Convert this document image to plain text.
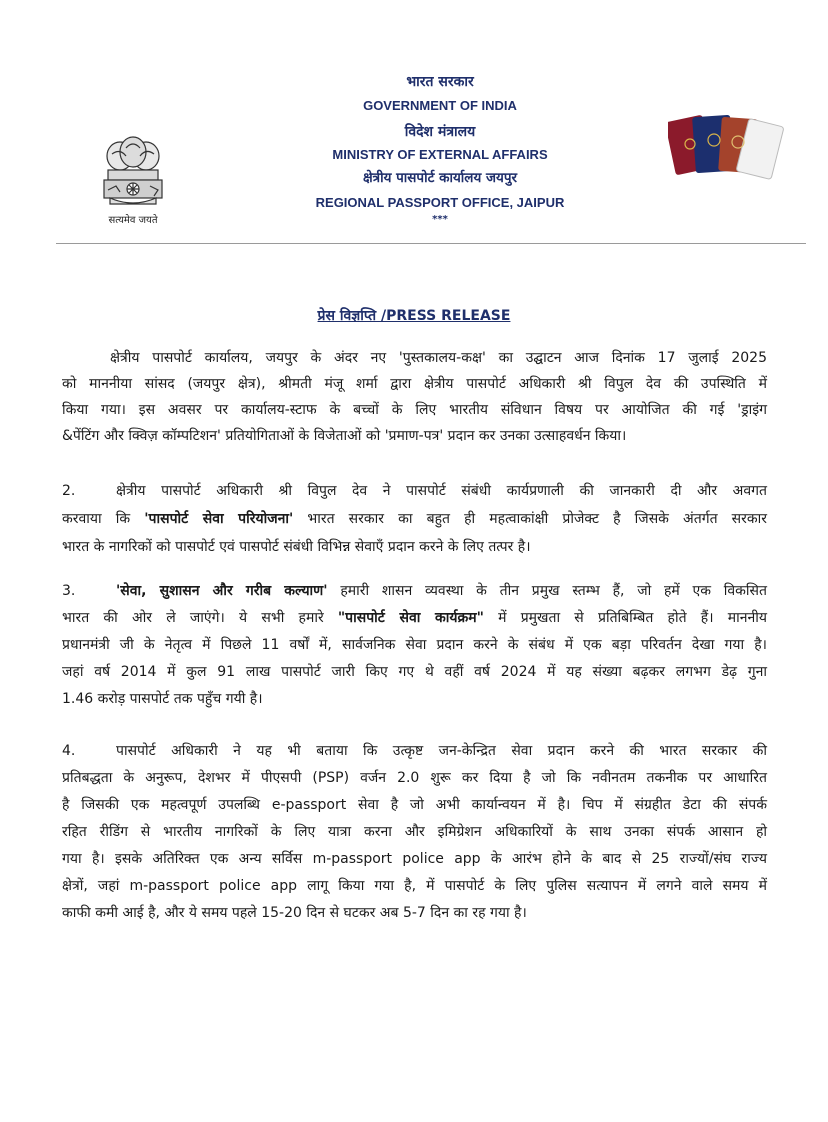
सत्यमेव जयते
भारत सरकार
GOVERNMENT OF INDIA
विदेश मंत्रालय
MINISTRY OF EXTERNAL AFFAIRS
क्षेत्रीय पासपोर्ट कार्यालय जयपुर
REGIONAL PASSPORT OFFICE, JAIPUR
***
प्रेस विज्ञप्ति /PRESS RELEASE
क्षेत्रीय पासपोर्ट कार्यालय, जयपुर के अंदर नए 'पुस्तकालय-कक्ष' का उद्घाटन आज दिनांक 17 जुलाई 2025
को माननीया सांसद (जयपुर क्षेत्र), श्रीमती मंजू शर्मा द्वारा क्षेत्रीय पासपोर्ट अधिकारी श्री विपुल देव की उपस्थिति में
किया गया। इस अवसर पर कार्यालय-स्टाफ के बच्चों के लिए भारतीय संविधान विषय पर आयोजित की गई 'ड्राइंग
&पेंटिंग और क्विज़ कॉम्पटिशन' प्रतियोगिताओं के विजेताओं को 'प्रमाण-पत्र' प्रदान कर उनका उत्साहवर्धन किया।
2.	क्षेत्रीय पासपोर्ट अधिकारी श्री विपुल देव ने पासपोर्ट संबंधी कार्यप्रणाली की जानकारी दी और अवगत
करवाया कि 'पासपोर्ट सेवा परियोजना' भारत सरकार का बहुत ही महत्वाकांक्षी प्रोजेक्ट है जिसके अंतर्गत सरकार
भारत के नागरिकों को पासपोर्ट एवं पासपोर्ट संबंधी विभिन्न सेवाएँ प्रदान करने के लिए तत्पर है।
3.	'सेवा, सुशासन और गरीब कल्याण' हमारी शासन व्यवस्था के तीन प्रमुख स्तम्भ हैं, जो हमें एक विकसित
भारत की ओर ले जाएंगे। ये सभी हमारे "पासपोर्ट सेवा कार्यक्रम" में प्रमुखता से प्रतिबिम्बित होते हैं। माननीय
प्रधानमंत्री जी के नेतृत्व में पिछले 11 वर्षों में, सार्वजनिक सेवा प्रदान करने के संबंध में एक बड़ा परिवर्तन देखा गया है।
जहां वर्ष 2014 में कुल 91 लाख पासपोर्ट जारी किए गए थे वहीं वर्ष 2024 में यह संख्या बढ़कर लगभग डेढ़ गुना
1.46 करोड़ पासपोर्ट तक पहुँच गयी है।
4.	पासपोर्ट अधिकारी ने यह भी बताया कि उत्कृष्ट जन-केन्द्रित सेवा प्रदान करने की भारत सरकार की
प्रतिबद्धता के अनुरूप, देशभर में पीएसपी (PSP) वर्जन 2.0 शुरू कर दिया है जो कि नवीनतम तकनीक पर आधारित
है जिसकी एक महत्वपूर्ण उपलब्धि e-passport सेवा है जो अभी कार्यान्वयन में है। चिप में संग्रहीत डेटा की संपर्क
रहित रीडिंग से भारतीय नागरिकों के लिए यात्रा करना और इमिग्रेशन अधिकारियों के साथ उनका संपर्क आसान हो
गया है। इसके अतिरिक्त एक अन्य सर्विस m-passport police app के आरंभ होने के बाद से 25 राज्यों/संघ राज्य
क्षेत्रों, जहां m-passport police app लागू किया गया है, में पासपोर्ट के लिए पुलिस सत्यापन में लगने वाले समय में
काफी कमी आई है, और ये समय पहले 15-20 दिन से घटकर अब 5-7 दिन का रह गया है।
